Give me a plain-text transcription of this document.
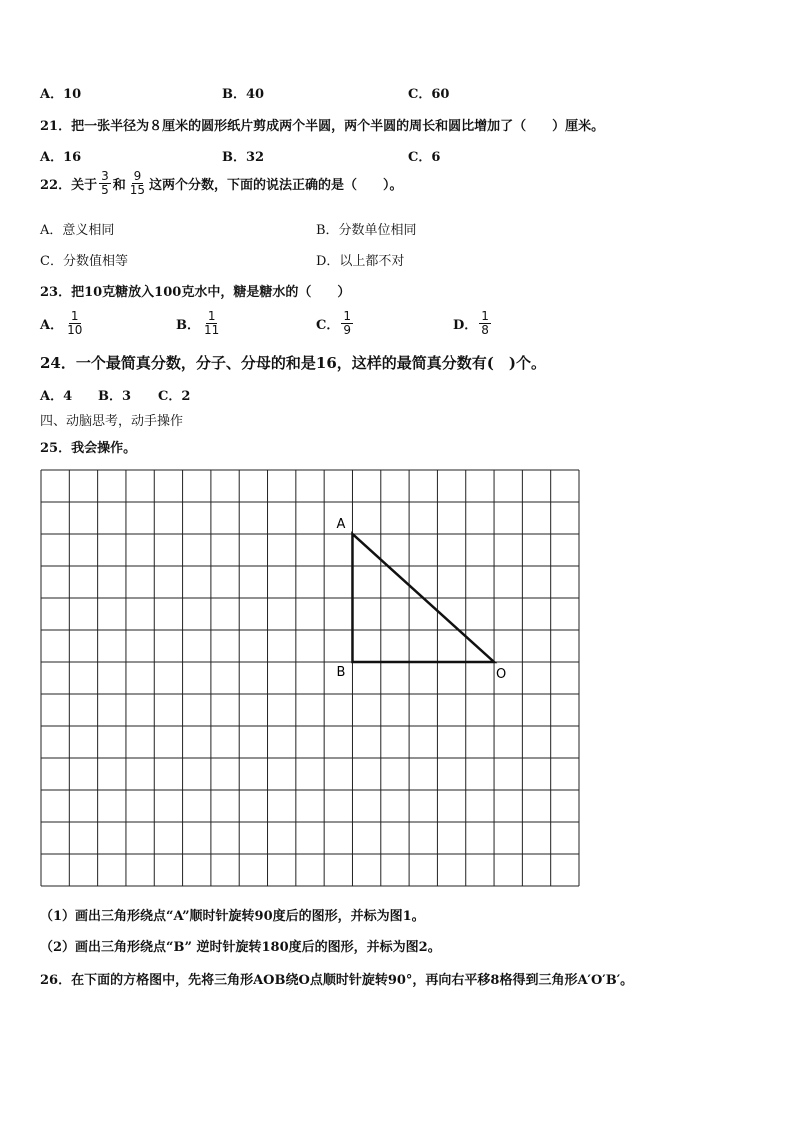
A．10	B．40	C．60
21．把一张半径为８厘米的圆形纸片剪成两个半圆，两个半圆的周长和圆比增加了（　　）厘米。
A．16	B．32	C．6
22．关于 $\frac{3}{5}$ 和 $\frac{9}{15}$ 这两个分数，下面的说法正确的是（　　）。
A．意义相同	B．分数单位相同
C．分数值相等	D．以上都不对
23．把10克糖放入100克水中，糖是糖水的（　　）
A． $\frac{1}{10}$	B． $\frac{1}{11}$	C． $\frac{1}{9}$	D． $\frac{1}{8}$
24．一个最简真分数，分子、分母的和是16，这样的最简真分数有(　)个。
A．4 B．3 C．2
四、动脑思考，动手操作
25．我会操作。
A
B	O
（1）画出三角形绕点“A”顺时针旋转90度后的图形，并标为图1。
（2）画出三角形绕点“B” 逆时针旋转180度后的图形，并标为图2。
26．在下面的方格图中，先将三角形AOB绕O点顺时针旋转90°，再向右平移8格得到三角形A′O′B′。
